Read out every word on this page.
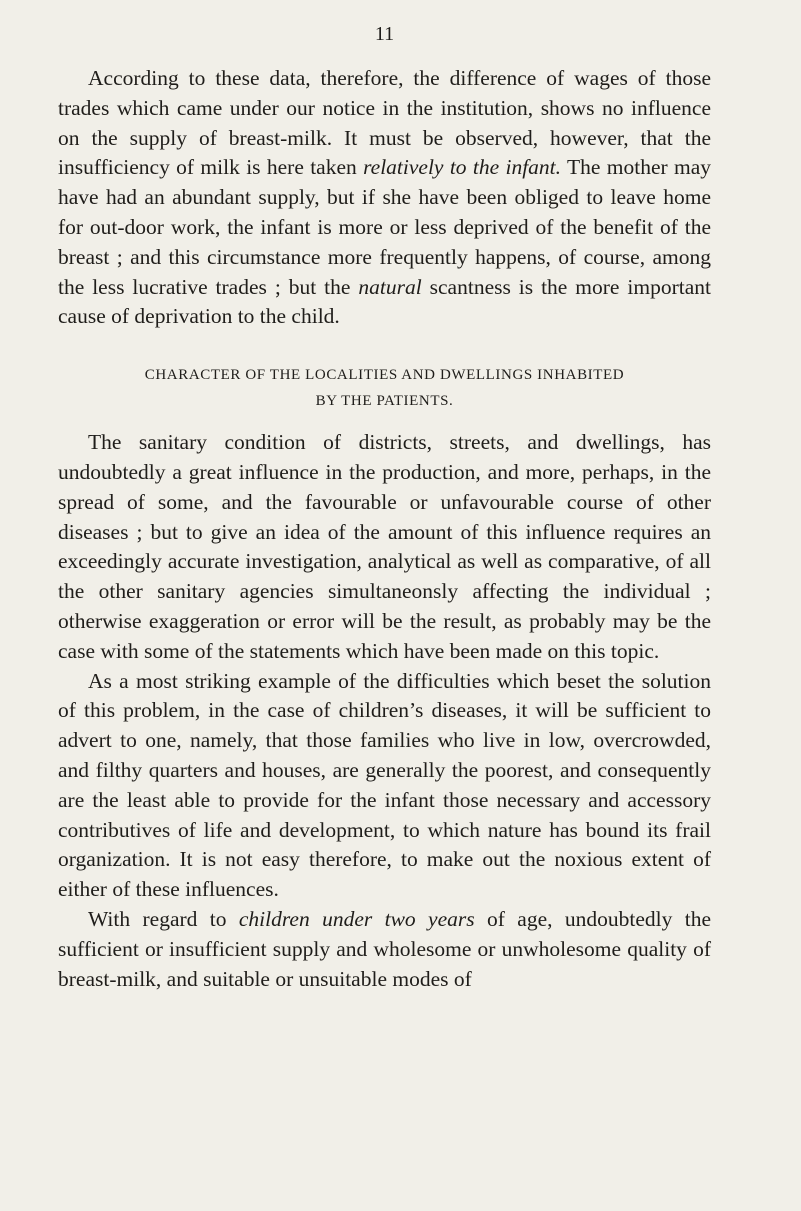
11

According to these data, therefore, the difference of wages of those trades which came under our notice in the institution, shows no influence on the supply of breast-milk. It must be observed, however, that the insufficiency of milk is here taken relatively to the infant. The mother may have had an abundant supply, but if she have been obliged to leave home for out-door work, the infant is more or less deprived of the benefit of the breast ; and this circumstance more frequently happens, of course, among the less lucrative trades ; but the natural scantness is the more important cause of deprivation to the child.

CHARACTER OF THE LOCALITIES AND DWELLINGS INHABITED
BY THE PATIENTS.

The sanitary condition of districts, streets, and dwellings, has undoubtedly a great influence in the production, and more, perhaps, in the spread of some, and the favourable or unfavourable course of other diseases ; but to give an idea of the amount of this influence requires an exceedingly accurate investigation, analytical as well as comparative, of all the other sanitary agencies simultaneonsly affecting the individual ; otherwise exaggeration or error will be the result, as probably may be the case with some of the statements which have been made on this topic.

As a most striking example of the difficulties which beset the solution of this problem, in the case of children’s diseases, it will be sufficient to advert to one, namely, that those families who live in low, overcrowded, and filthy quarters and houses, are generally the poorest, and consequently are the least able to provide for the infant those necessary and accessory contributives of life and development, to which nature has bound its frail organization. It is not easy therefore, to make out the noxious extent of either of these influences.

With regard to children under two years of age, undoubtedly the sufficient or insufficient supply and wholesome or unwholesome quality of breast-milk, and suitable or unsuitable modes of
